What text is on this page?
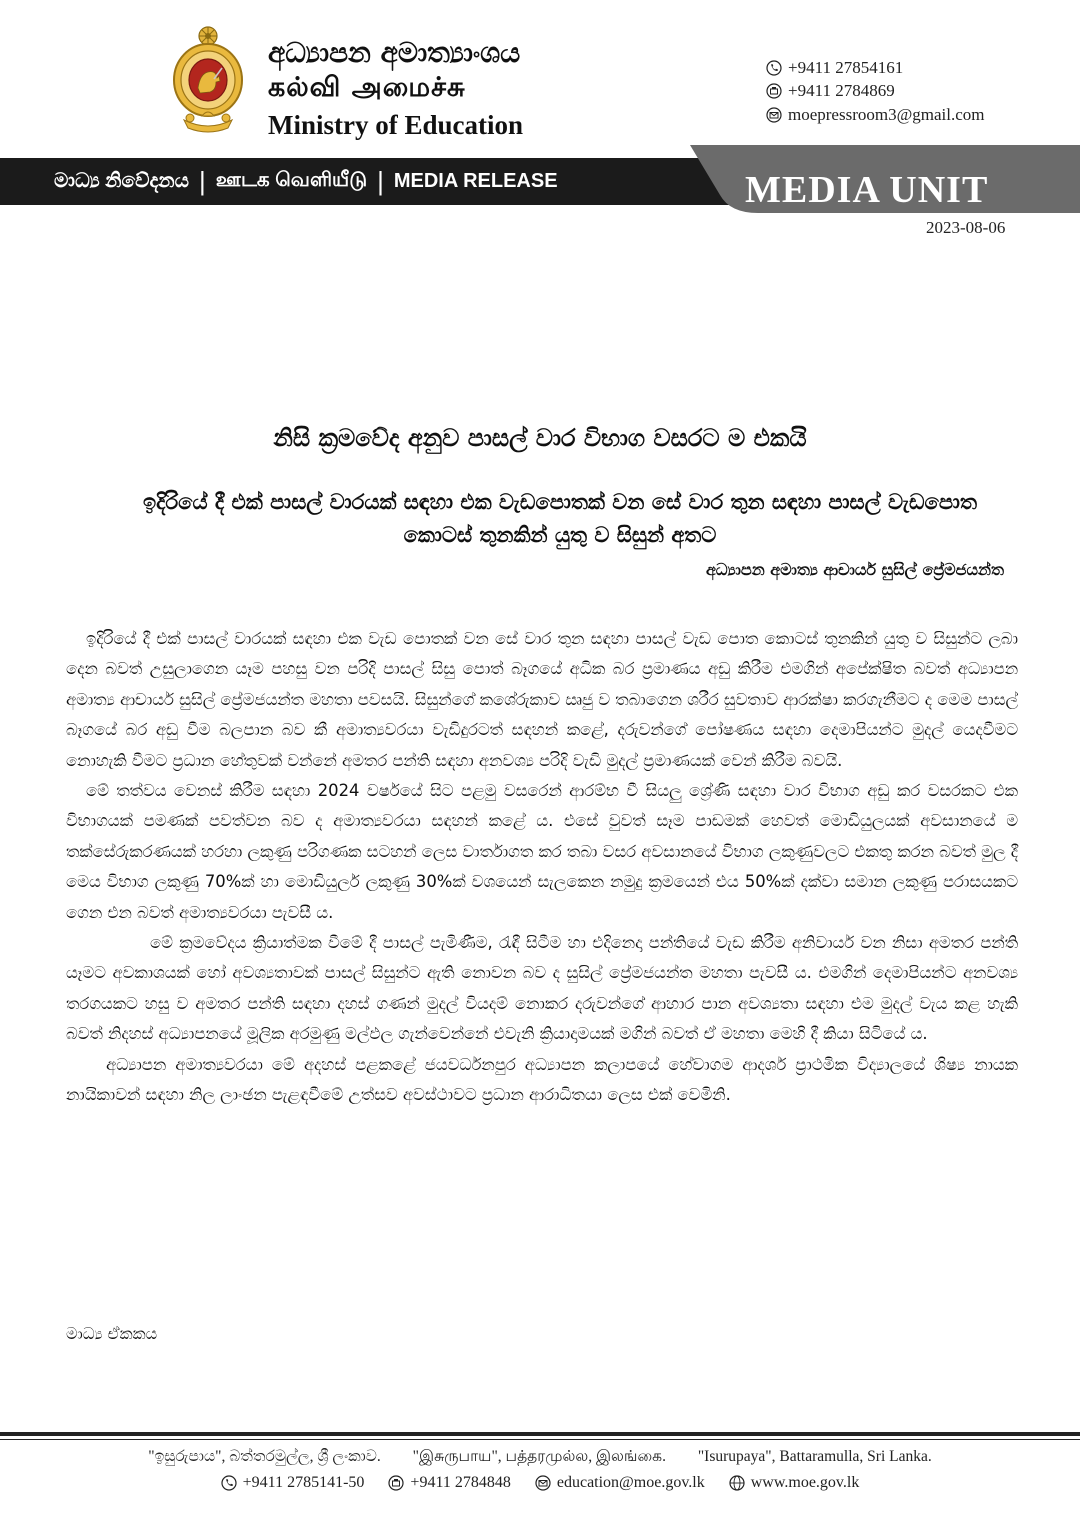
අධ්‍යාපන අමාත්‍යාංශය
கல்வி அமைச்சு
Ministry of Education
+9411 27854161
+9411 2784869
moepressroom3@gmail.com
මාධ්‍ය නිවේදනය | ஊடக வெளியீடு | MEDIA RELEASE	MEDIA UNIT
2023-08-06
නිසි ක්‍රමවේද අනුව පාසල් වාර විභාග වසරට ම එකයි
ඉදිරියේ දී එක් පාසල් වාරයක් සඳහා එක වැඩපොතක් වන සේ වාර තුන සඳහා පාසල් වැඩපොත කොටස් තුනකින් යුතු ව සිසුන් අතට
අධ්‍යාපන අමාත්‍ය ආචාර්ය සුසිල් ප්‍රේමජයන්ත

ඉදිරියේ දී එක් පාසල් වාරයක් සඳහා එක වැඩ පොතක් වන සේ වාර තුන සඳහා පාසල් වැඩ පොත කොටස් තුනකින් යුතු ව සිසුන්ට ලබා දෙන බවත් උසුලාගෙන යෑම පහසු වන පරිදි පාසල් සිසු පොත් බෑගයේ අධික බර ප්‍රමාණය අඩු කිරීම එමගින් අපේක්ෂිත බවත් අධ්‍යාපන අමාත්‍ය ආචාර්ය සුසිල් ප්‍රේමජයන්ත මහතා පවසයි. සිසුන්ගේ කශේරුකාව ඍජු ව තබාගෙන ශරීර සුවතාව ආරක්ෂා කරගැනීමට ද මෙම පාසල් බෑගයේ බර අඩු වීම බලපාන බව කී අමාත්‍යවරයා වැඩිදුරටත් සඳහන් කළේ, දරුවන්ගේ පෝෂණය සඳහා දෙමාපියන්ට මුදල් යෙදවීමට නොහැකි වීමට ප්‍රධාන හේතුවක් වන්නේ අමතර පන්ති සඳහා අනවශ්‍ය පරිදි වැඩි මුදල් ප්‍රමාණයක් වෙන් කිරීම බවයි.

මේ තත්වය වෙනස් කිරීම සඳහා 2024 වර්ෂයේ සිට පළමු වසරෙන් ආරම්භ වී සියලු ශ්‍රේණි සඳහා වාර විභාග අඩු කර වසරකට එක විභාගයක් පමණක් පවත්වන බව ද අමාත්‍යවරයා සඳහන් කළේ ය. එසේ වුවත් සෑම පාඩමක් හෙවත් මොඩියුලයක් අවසානයේ ම තක්සේරුකරණයක් හරහා ලකුණු පරිගණක සටහන් ලෙස වාර්තාගත කර තබා වසර අවසානයේ විභාග ලකුණුවලට එකතු කරන බවත් මුල දී මෙය විභාග ලකුණු 70%ක් හා මොඩියුලර් ලකුණු 30%ක් වශයෙන් සැලකෙන නමුදු ක්‍රමයෙන් එය 50%ක් දක්වා සමාන ලකුණු පරාසයකට ගෙන එන බවත් අමාත්‍යවරයා පැවසී ය.

මේ ක්‍රමවේදය ක්‍රියාත්මක වීමේ දී පාසල් පැමිණීම, රැඳී සිටීම හා එදිනෙදා පන්තියේ වැඩ කිරීම අනිවාර්ය වන නිසා අමතර පන්ති යෑමට අවකාශයක් හෝ අවශ්‍යතාවක් පාසල් සිසුන්ට ඇති නොවන බව ද සුසිල් ප්‍රේමජයන්ත මහතා පැවසී ය. එමගින් දෙමාපියන්ට අනවශ්‍ය තරගයකට හසු ව අමතර පන්ති සඳහා දහස් ගණන් මුදල් වියදම් නොකර දරුවන්ගේ ආහාර පාන අවශ්‍යතා සඳහා එම මුදල් වැය කළ හැකි බවත් නිදහස් අධ්‍යාපනයේ මූලික අරමුණු මල්ඵල ගැන්වෙන්නේ එවැනි ක්‍රියාදාමයක් මගින් බවත් ඒ මහතා මෙහි දී කියා සිටියේ ය.

අධ්‍යාපන අමාත්‍යවරයා මේ අදහස් පළකළේ ජයවර්ධනපුර අධ්‍යාපන කලාපයේ හේවාගම ආදර්ශ ප්‍රාථමික විද්‍යාලයේ ශිෂ්‍ය නායක නායිකාවන් සඳහා නිල ලාංඡන පැළඳවීමේ උත්සව අවස්ථාවට ප්‍රධාන ආරාධිතයා ලෙස එක් වෙමිනි.

මාධ්‍ය ඒකකය
"ඉසුරුපාය", බත්තරමුල්ල, ශ්‍රී ලංකාව. "இசுருபாய", பத்தரமுல்ல, இலங்கை. "Isurupaya", Battaramulla, Sri Lanka.
+9411 2785141-50	+9411 2784848	education@moe.gov.lk	www.moe.gov.lk
